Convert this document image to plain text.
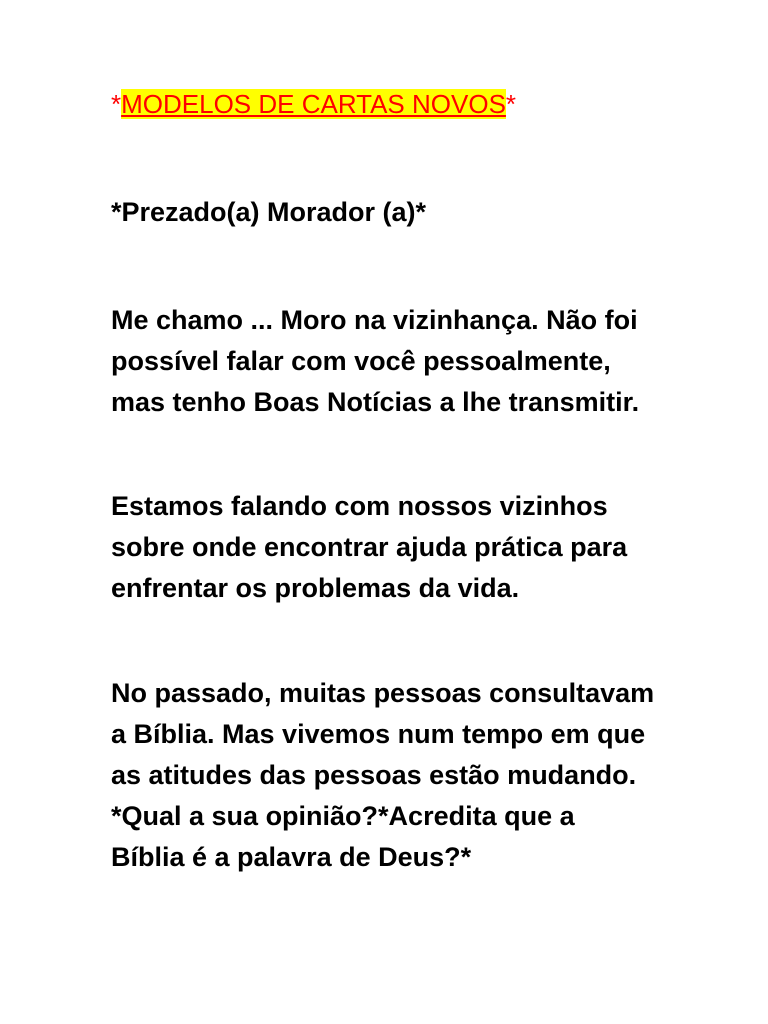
*MODELOS DE CARTAS NOVOS*
*Prezado(a) Morador (a)*
Me chamo ... Moro na vizinhança. Não foi
possível falar com você pessoalmente,
mas tenho Boas Notícias a lhe transmitir.
Estamos falando com nossos vizinhos
sobre onde encontrar ajuda prática para
enfrentar os problemas da vida.
No passado, muitas pessoas consultavam
a Bíblia. Mas vivemos num tempo em que
as atitudes das pessoas estão mudando.
*Qual a sua opinião?*Acredita que a
Bíblia é a palavra de Deus?*
